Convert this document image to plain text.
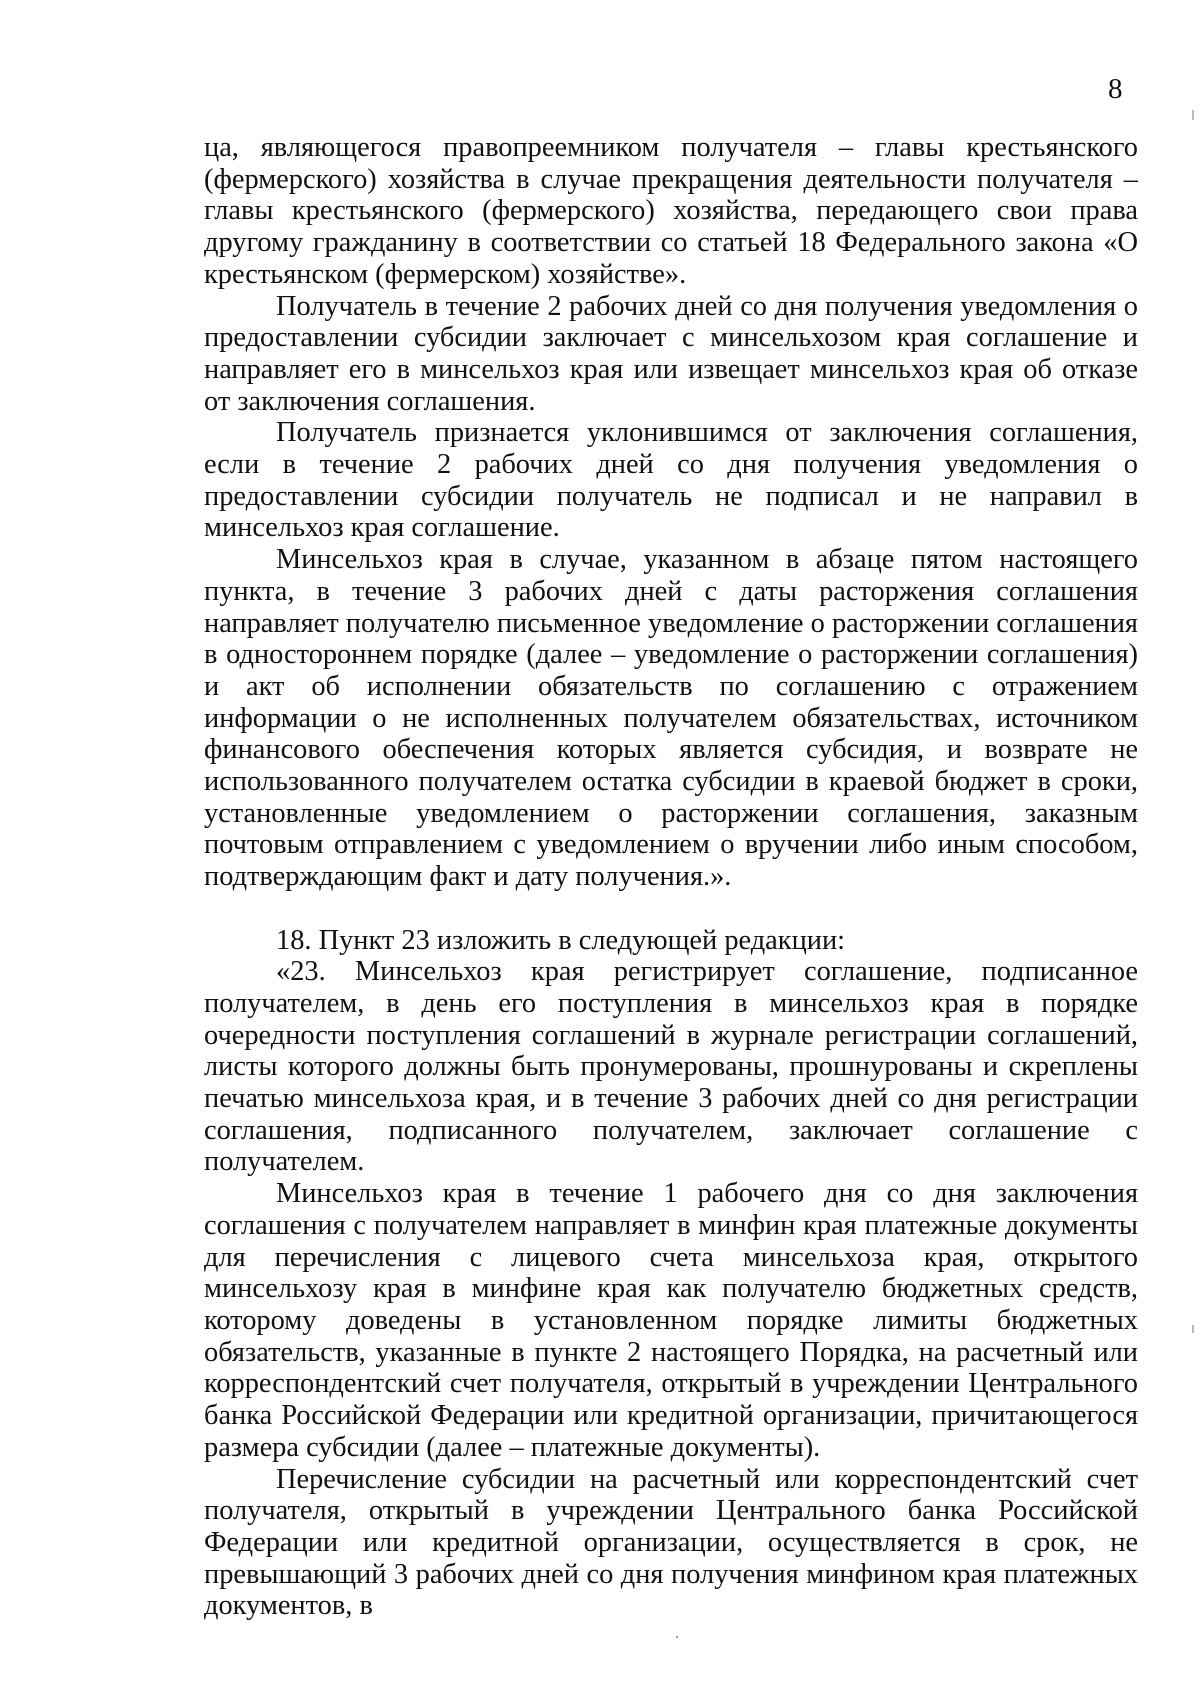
8

ца, являющегося правопреемником получателя – главы крестьянского (фермерского) хозяйства в случае прекращения деятельности получателя – главы крестьянского (фермерского) хозяйства, передающего свои права другому гражданину в соответствии со статьей 18 Федерального закона «О крестьянском (фермерском) хозяйстве».

Получатель в течение 2 рабочих дней со дня получения уведомления о предоставлении субсидии заключает с минсельхозом края соглашение и направляет его в минсельхоз края или извещает минсельхоз края об отказе от заключения соглашения.

Получатель признается уклонившимся от заключения соглашения, если в течение 2 рабочих дней со дня получения уведомления о предоставлении субсидии получатель не подписал и не направил в минсельхоз края соглашение.

Минсельхоз края в случае, указанном в абзаце пятом настоящего пункта, в течение 3 рабочих дней с даты расторжения соглашения направляет получателю письменное уведомление о расторжении соглашения в одностороннем порядке (далее – уведомление о расторжении соглашения) и акт об исполнении обязательств по соглашению с отражением информации о не исполненных получателем обязательствах, источником финансового обеспечения которых является субсидия, и возврате не использованного получателем остатка субсидии в краевой бюджет в сроки, установленные уведомлением о расторжении соглашения, заказным почтовым отправлением с уведомлением о вручении либо иным способом, подтверждающим факт и дату получения.».

18. Пункт 23 изложить в следующей редакции:

«23. Минсельхоз края регистрирует соглашение, подписанное получателем, в день его поступления в минсельхоз края в порядке очередности поступления соглашений в журнале регистрации соглашений, листы которого должны быть пронумерованы, прошнурованы и скреплены печатью минсельхоза края, и в течение 3 рабочих дней со дня регистрации соглашения, подписанного получателем, заключает соглашение с получателем.

Минсельхоз края в течение 1 рабочего дня со дня заключения соглашения с получателем направляет в минфин края платежные документы для перечисления с лицевого счета минсельхоза края, открытого минсельхозу края в минфине края как получателю бюджетных средств, которому доведены в установленном порядке лимиты бюджетных обязательств, указанные в пункте 2 настоящего Порядка, на расчетный или корреспондентский счет получателя, открытый в учреждении Центрального банка Российской Федерации или кредитной организации, причитающегося размера субсидии (далее – платежные документы).

Перечисление субсидии на расчетный или корреспондентский счет получателя, открытый в учреждении Центрального банка Российской Федерации или кредитной организации, осуществляется в срок, не превышающий 3 рабочих дней со дня получения минфином края платежных документов, в
